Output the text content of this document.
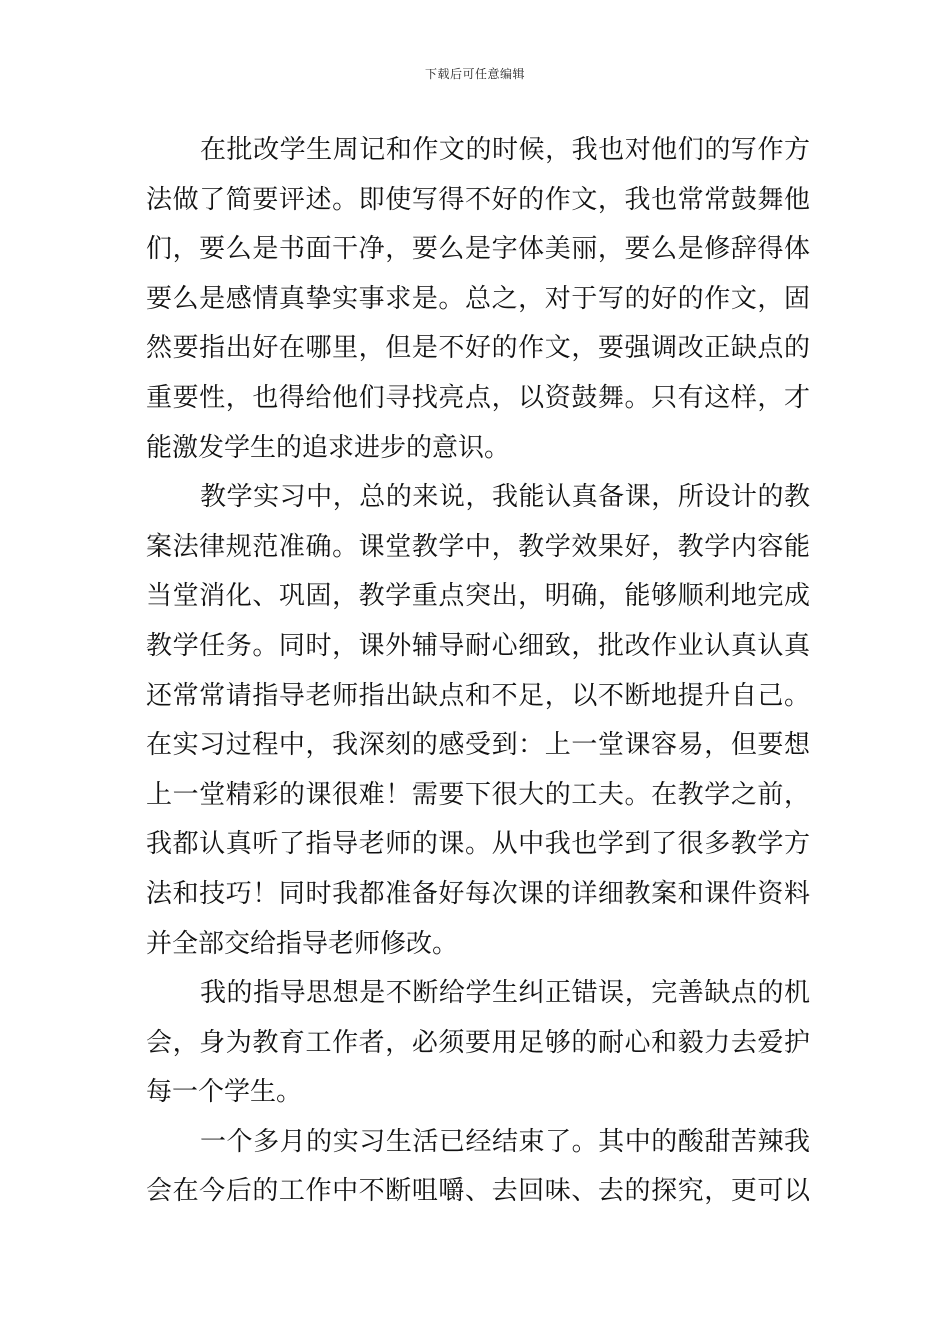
下载后可任意编辑
在批改学生周记和作文的时候，我也对他们的写作方
法做了简要评述。即使写得不好的作文，我也常常鼓舞他
们，要么是书面干净，要么是字体美丽，要么是修辞得体
要么是感情真挚实事求是。总之，对于写的好的作文，固
然要指出好在哪里，但是不好的作文，要强调改正缺点的
重要性，也得给他们寻找亮点，以资鼓舞。只有这样，才
能激发学生的追求进步的意识。
教学实习中，总的来说，我能认真备课，所设计的教
案法律规范准确。课堂教学中，教学效果好，教学内容能
当堂消化、巩固，教学重点突出，明确，能够顺利地完成
教学任务。同时，课外辅导耐心细致，批改作业认真认真
还常常请指导老师指出缺点和不足，以不断地提升自己。
在实习过程中，我深刻的感受到：上一堂课容易，但要想
上一堂精彩的课很难！需要下很大的工夫。在教学之前，
我都认真听了指导老师的课。从中我也学到了很多教学方
法和技巧！同时我都准备好每次课的详细教案和课件资料
并全部交给指导老师修改。
我的指导思想是不断给学生纠正错误，完善缺点的机
会，身为教育工作者，必须要用足够的耐心和毅力去爱护
每一个学生。
一个多月的实习生活已经结束了。其中的酸甜苦辣我
会在今后的工作中不断咀嚼、去回味、去的探究，更可以
